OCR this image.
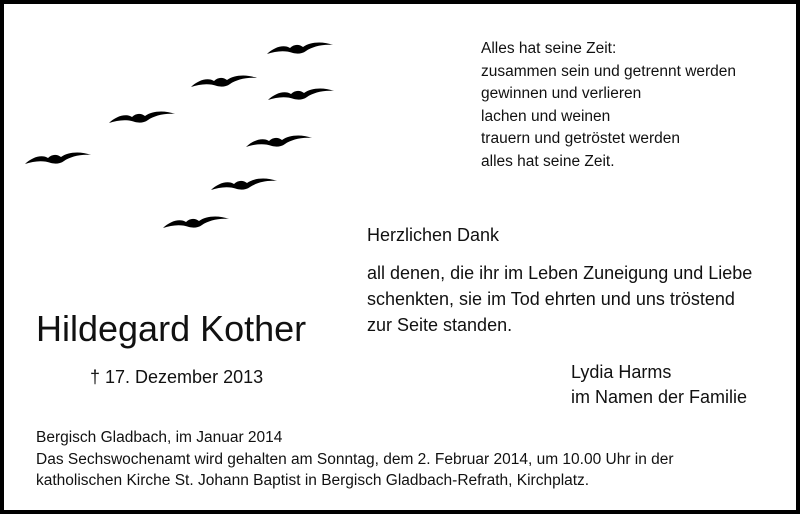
Alles hat seine Zeit:
zusammen sein und getrennt werden
gewinnen und verlieren
lachen und weinen
trauern und getröstet werden
alles hat seine Zeit.
Herzlichen Dank
all denen, die ihr im Leben Zuneigung und Liebe
schenkten, sie im Tod ehrten und uns tröstend
zur Seite standen.
Hildegard Kother
† 17. Dezember 2013	Lydia Harms
im Namen der Familie
Bergisch Gladbach, im Januar 2014
Das Sechswochenamt wird gehalten am Sonntag, dem 2. Februar 2014, um 10.00 Uhr in der
katholischen Kirche St. Johann Baptist in Bergisch Gladbach-Refrath, Kirchplatz.
